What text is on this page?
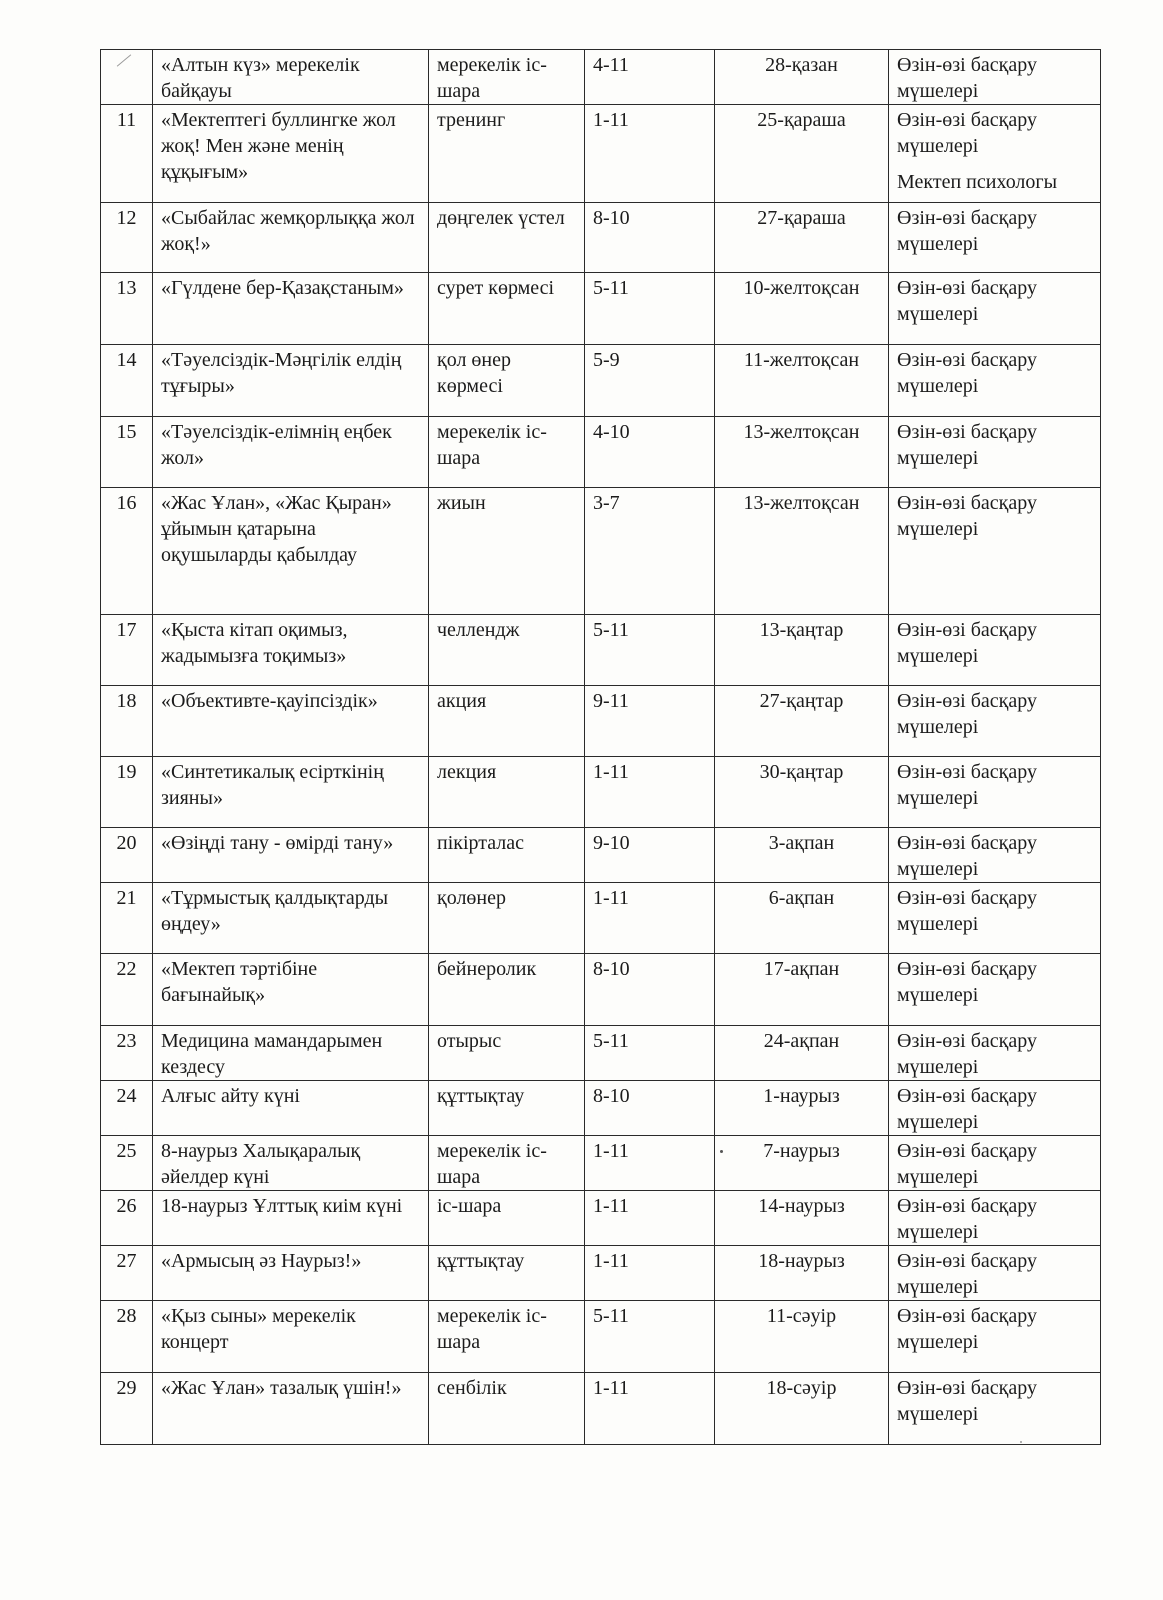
	«Алтын күз» мерекелік байқауы	мерекелік іс-шара	4-11	28-қазан	Өзін-өзі басқару мүшелері
11	«Мектептегі буллингке жол жоқ! Мен және менің құқығым»	тренинг	1-11	25-қараша	Өзін-өзі басқару мүшелері
Мектеп психологы

12	«Сыбайлас жемқорлыққа жол жоқ!»	дөңгелек үстел	8-10	27-қараша	Өзін-өзі басқару мүшелері
13	«Гүлдене бер-Қазақстаным»	сурет көрмесі	5-11	10-желтоқсан	Өзін-өзі басқару мүшелері
14	«Тәуелсіздік-Мәңгілік елдің тұғыры»	қол өнер көрмесі	5-9	11-желтоқсан	Өзін-өзі басқару мүшелері
15	«Тәуелсіздік-елімнің еңбек жол»	мерекелік іс-шара	4-10	13-желтоқсан	Өзін-өзі басқару мүшелері
16	«Жас Ұлан», «Жас Қыран» ұйымын қатарына оқушыларды қабылдау	жиын	3-7	13-желтоқсан	Өзін-өзі басқару мүшелері
17	«Қыста кітап оқимыз, жадымызға тоқимыз»	челлендж	5-11	13-қаңтар	Өзін-өзі басқару мүшелері
18	«Объективте-қауіпсіздік»	акция	9-11	27-қаңтар	Өзін-өзі басқару мүшелері
19	«Синтетикалық есірткінің зияны»	лекция	1-11	30-қаңтар	Өзін-өзі басқару мүшелері
20	«Өзіңді тану - өмірді тану»	пікірталас	9-10	3-ақпан	Өзін-өзі басқару мүшелері
21	«Тұрмыстық қалдықтарды өңдеу»	қолөнер	1-11	6-ақпан	Өзін-өзі басқару мүшелері
22	«Мектеп тәртібіне бағынайық»	бейнеролик	8-10	17-ақпан	Өзін-өзі басқару мүшелері
23	Медицина мамандарымен кездесу	отырыс	5-11	24-ақпан	Өзін-өзі басқару мүшелері
24	Алғыс айту күні	құттықтау	8-10	1-наурыз	Өзін-өзі басқару мүшелері
25	8-наурыз Халықаралық әйелдер күні	мерекелік іс-шара	1-11	7-наурыз	Өзін-өзі басқару мүшелері
26	18-наурыз Ұлттық киім күні	іс-шара	1-11	14-наурыз	Өзін-өзі басқару мүшелері
27	«Армысың әз Наурыз!»	құттықтау	1-11	18-наурыз	Өзін-өзі басқару мүшелері
28	«Қыз сыны» мерекелік концерт	мерекелік іс-шара	5-11	11-сәуір	Өзін-өзі басқару мүшелері
29	«Жас Ұлан» тазалық үшін!»	сенбілік	1-11	18-сәуір	Өзін-өзі басқару мүшелері
